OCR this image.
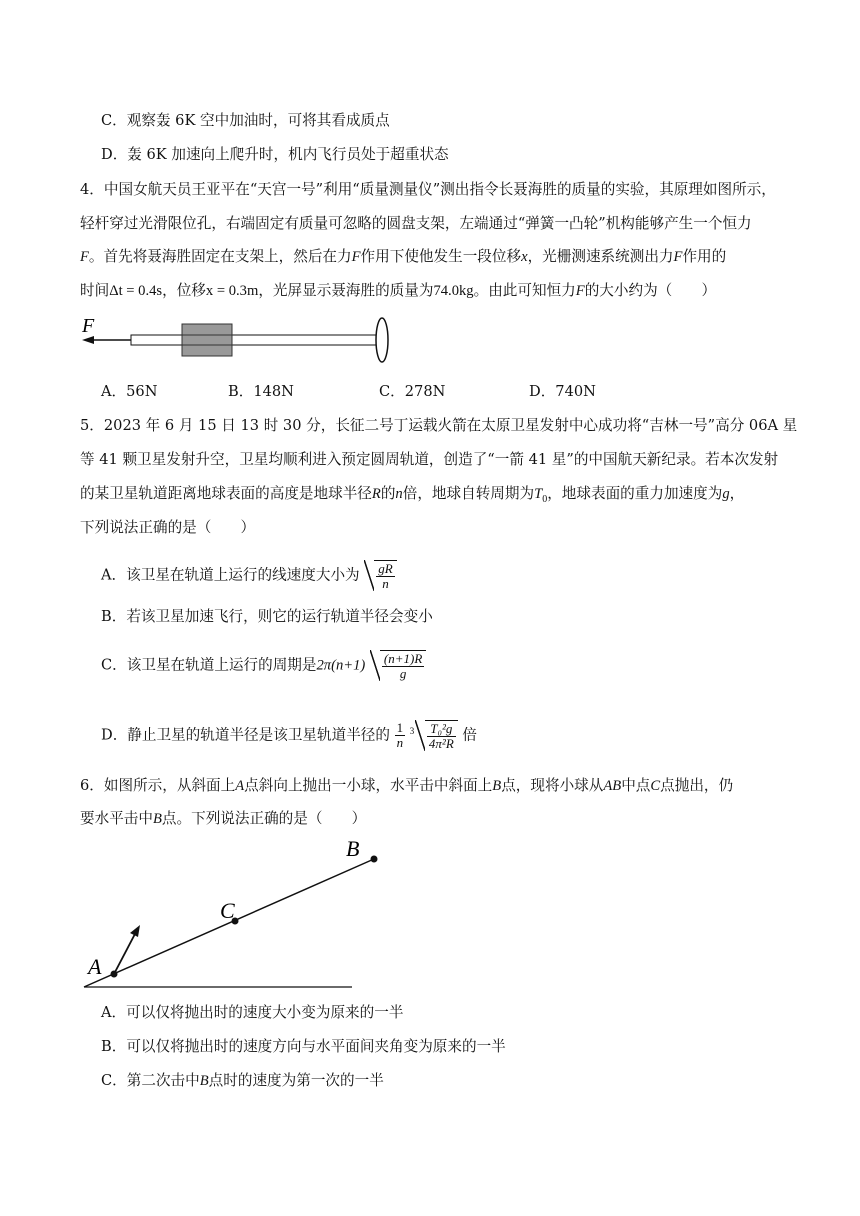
C．观察轰 6K 空中加油时，可将其看成质点
D．轰 6K 加速向上爬升时，机内飞行员处于超重状态
4．中国女航天员王亚平在“天宫一号”利用“质量测量仪”测出指令长聂海胜的质量的实验，其原理如图所示，
轻杆穿过光滑限位孔，右端固定有质量可忽略的圆盘支架，左端通过“弹簧一凸轮”机构能够产生一个恒力
F。首先将聂海胜固定在支架上，然后在力F作用下使他发生一段位移x，光栅测速系统测出力F作用的
时间Δt = 0.4s，位移x = 0.3m，光屏显示聂海胜的质量为74.0kg。由此可知恒力F的大小约为（　　）
F
A．56N	B．148N	C．278N	D．740N
5．2023 年 6 月 15 日 13 时 30 分，长征二号丁运载火箭在太原卫星发射中心成功将“吉林一号”高分 06A 星
等 41 颗卫星发射升空，卫星均顺利进入预定圆周轨道，创造了“一箭 41 星”的中国航天新纪录。若本次发射
的某卫星轨道距离地球表面的高度是地球半径R的n倍，地球自转周期为$T_0$，地球表面的重力加速度为g，
下列说法正确的是（　　）
A．该卫星在轨道上运行的线速度大小为 $\frac{gR}{n}$
B．若该卫星加速飞行，则它的运行轨道半径会变小
C．该卫星在轨道上运行的周期是$2\pi(n+1) \frac{(n+1)R}{g}$
D．静止卫星的轨道半径是该卫星轨道半径的 $\frac{1}{n} ^3 \frac{\text{T₀²g}}{\text{4π²R}}$ 倍
6．如图所示，从斜面上A点斜向上抛出一小球，水平击中斜面上B点，现将小球从AB中点C点抛出，仍
要水平击中B点。下列说法正确的是（　　）
A
C
B
A．可以仅将抛出时的速度大小变为原来的一半
B．可以仅将抛出时的速度方向与水平面间夹角变为原来的一半
C．第二次击中B点时的速度为第一次的一半
